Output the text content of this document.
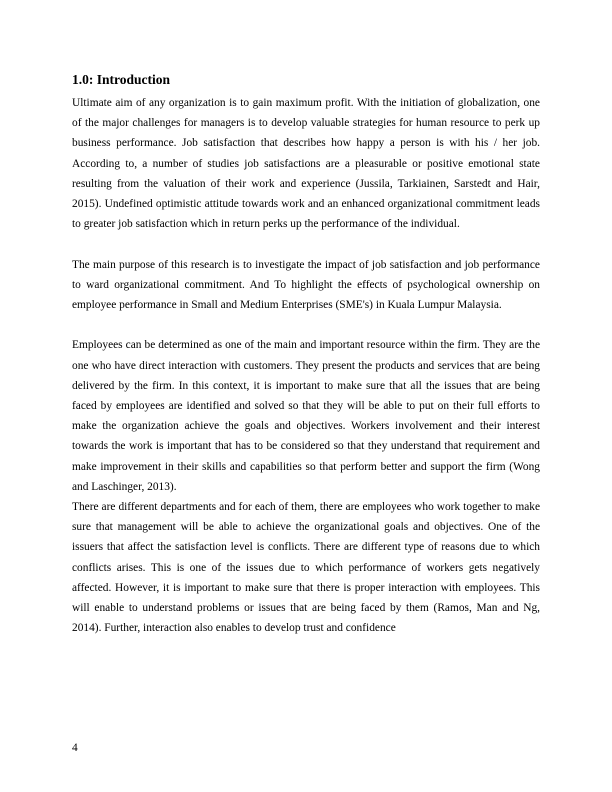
1.0: Introduction

Ultimate aim of any organization is to gain maximum profit. With the initiation of globalization, one of the major challenges for managers is to develop valuable strategies for human resource to perk up business performance. Job satisfaction that describes how happy a person is with his / her job. According to, a number of studies job satisfactions are a pleasurable or positive emotional state resulting from the valuation of their work and experience (Jussila, Tarkiainen, Sarstedt and Hair, 2015). Undefined optimistic attitude towards work and an enhanced organizational commitment leads to greater job satisfaction which in return perks up the performance of the individual.

The main purpose of this research is to investigate the impact of job satisfaction and job performance to ward organizational commitment. And To highlight the effects of psychological ownership on employee performance in Small and Medium Enterprises (SME's) in Kuala Lumpur Malaysia.

Employees can be determined as one of the main and important resource within the firm. They are the one who have direct interaction with customers. They present the products and services that are being delivered by the firm. In this context, it is important to make sure that all the issues that are being faced by employees are identified and solved so that they will be able to put on their full efforts to make the organization achieve the goals and objectives. Workers involvement and their interest towards the work is important that has to be considered so that they understand that requirement and make improvement in their skills and capabilities so that perform better and support the firm (Wong and Laschinger, 2013).

There are different departments and for each of them, there are employees who work together to make sure that management will be able to achieve the organizational goals and objectives. One of the issuers that affect the satisfaction level is conflicts. There are different type of reasons due to which conflicts arises. This is one of the issues due to which performance of workers gets negatively affected. However, it is important to make sure that there is proper interaction with employees. This will enable to understand problems or issues that are being faced by them (Ramos, Man and Ng, 2014). Further, interaction also enables to develop trust and confidence

4
